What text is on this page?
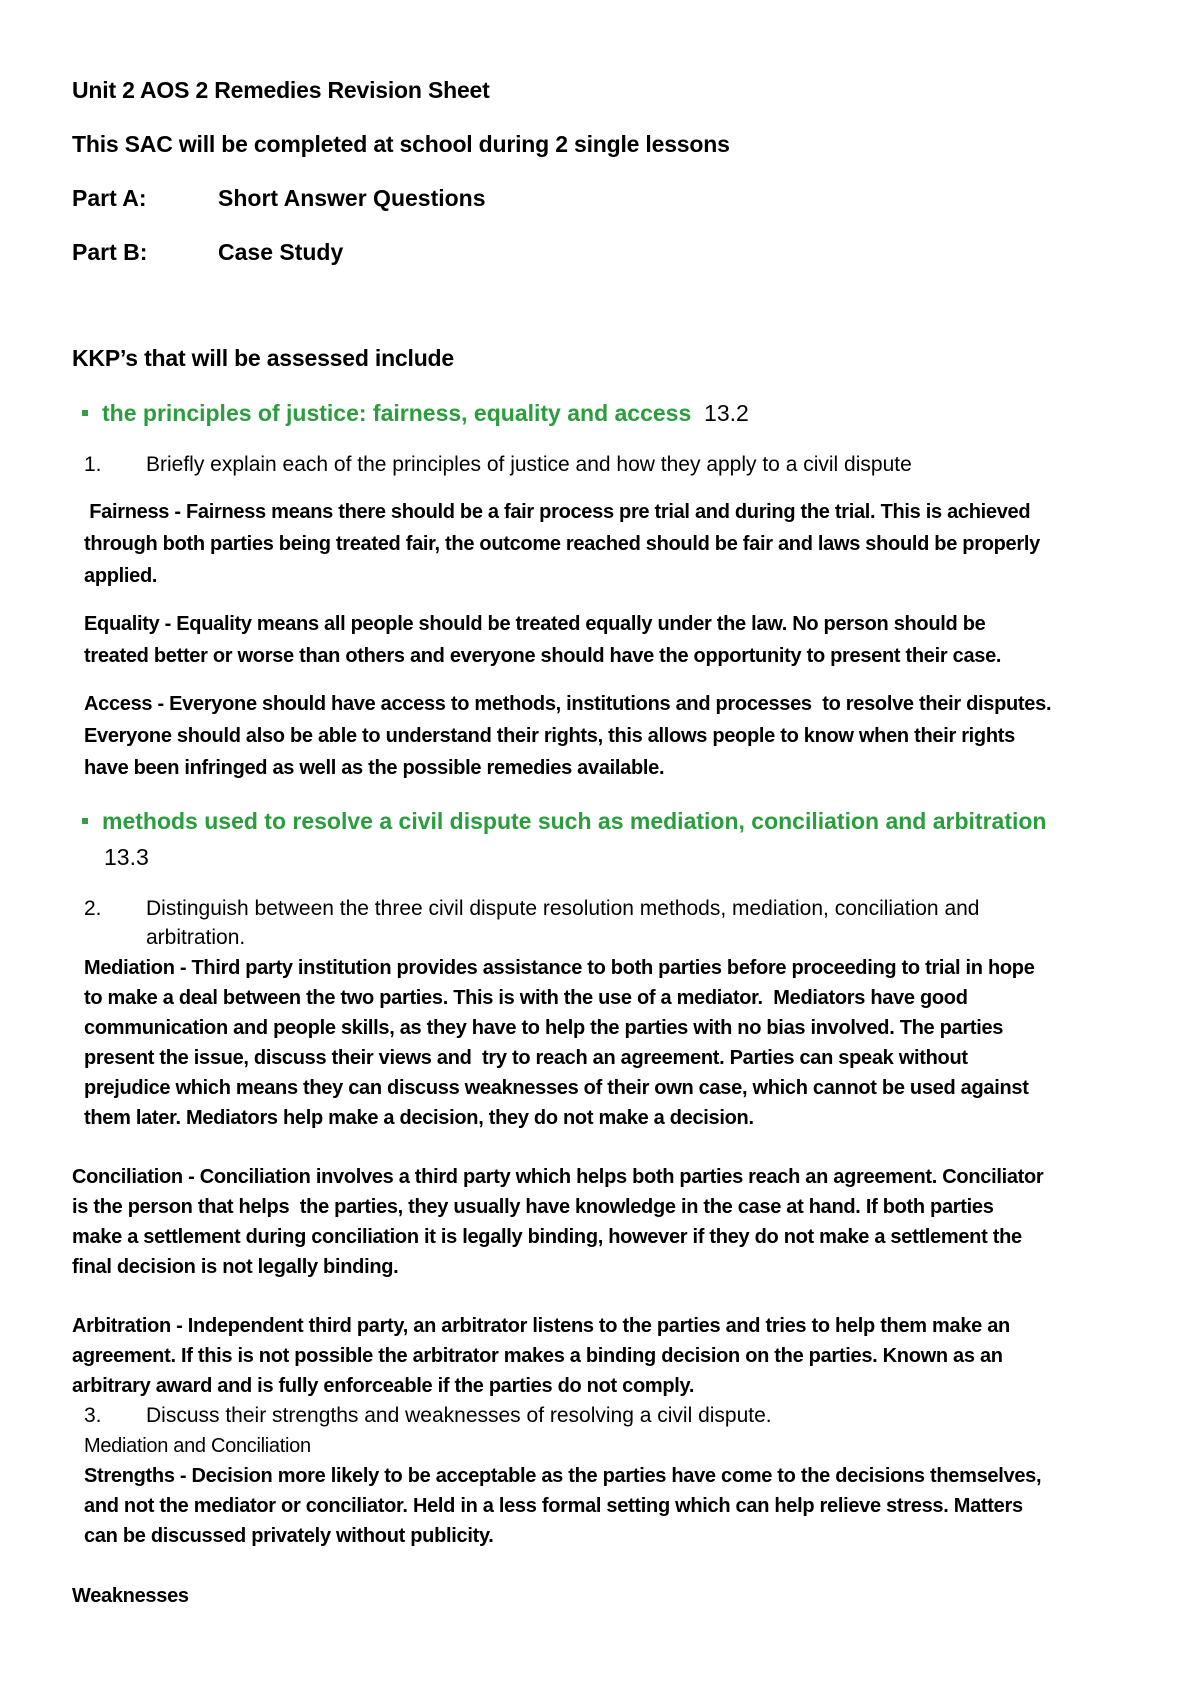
Unit 2 AOS 2 Remedies Revision Sheet
This SAC will be completed at school during 2 single lessons
Part A:	Short Answer Questions
Part B:	Case Study
KKP’s that will be assessed include
the principles of justice: fairness, equality and access 13.2
1. Briefly explain each of the principles of justice and how they apply to a civil dispute
Fairness - Fairness means there should be a fair process pre trial and during the trial. This is achieved
through both parties being treated fair, the outcome reached should be fair and laws should be properly
applied.
Equality - Equality means all people should be treated equally under the law. No person should be
treated better or worse than others and everyone should have the opportunity to present their case.
Access - Everyone should have access to methods, institutions and processes  to resolve their disputes.
Everyone should also be able to understand their rights, this allows people to know when their rights
have been infringed as well as the possible remedies available.
methods used to resolve a civil dispute such as mediation, conciliation and arbitration
13.3
2. Distinguish between the three civil dispute resolution methods, mediation, conciliation and
arbitration.
Mediation - Third party institution provides assistance to both parties before proceeding to trial in hope
to make a deal between the two parties. This is with the use of a mediator.  Mediators have good
communication and people skills, as they have to help the parties with no bias involved. The parties
present the issue, discuss their views and  try to reach an agreement. Parties can speak without
prejudice which means they can discuss weaknesses of their own case, which cannot be used against
them later. Mediators help make a decision, they do not make a decision.
Conciliation - Conciliation involves a third party which helps both parties reach an agreement. Conciliator
is the person that helps  the parties, they usually have knowledge in the case at hand. If both parties
make a settlement during conciliation it is legally binding, however if they do not make a settlement the
final decision is not legally binding.
Arbitration - Independent third party, an arbitrator listens to the parties and tries to help them make an
agreement. If this is not possible the arbitrator makes a binding decision on the parties. Known as an
arbitrary award and is fully enforceable if the parties do not comply.
3. Discuss their strengths and weaknesses of resolving a civil dispute.
Mediation and Conciliation
Strengths - Decision more likely to be acceptable as the parties have come to the decisions themselves,
and not the mediator or conciliator. Held in a less formal setting which can help relieve stress. Matters
can be discussed privately without publicity.
Weaknesses
